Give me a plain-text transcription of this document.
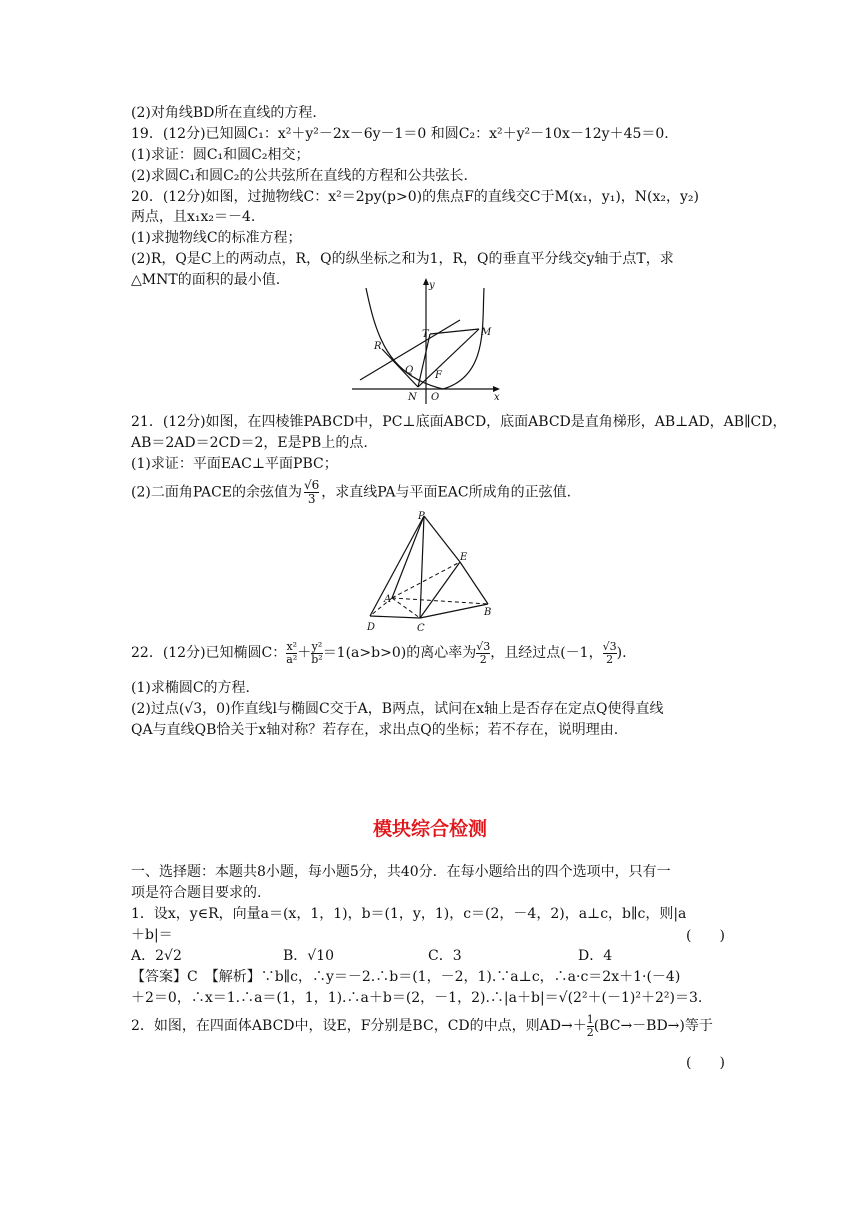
(2)对角线BD所在直线的方程.
19．(12分)已知圆C₁：x²＋y²－2x－6y－1＝0 和圆C₂：x²＋y²－10x－12y＋45＝0.
(1)求证：圆C₁和圆C₂相交；
(2)求圆C₁和圆C₂的公共弦所在直线的方程和公共弦长.
20．(12分)如图，过抛物线C：x²＝2py(p>0)的焦点F的直线交C于M(x₁，y₁)，N(x₂，y₂)
两点，且x₁x₂＝－4.
(1)求抛物线C的标准方程；
(2)R，Q是C上的两动点，R，Q的纵坐标之和为1，R，Q的垂直平分线交y轴于点T，求
△MNT的面积的最小值.	y
x
T	M
R
Q F
N O
21．(12分)如图，在四棱锥PABCD中，PC⊥底面ABCD，底面ABCD是直角梯形，AB⊥AD，AB∥CD，
AB＝2AD＝2CD＝2，E是PB上的点.
(1)求证：平面EAC⊥平面PBC；
(2)二面角PACE的余弦值为 $\frac{√6}{3}$ ，求直线PA与平面EAC所成角的正弦值.
P
E
A
B
D	C
22．(12分)已知椭圆C： $\frac{\text{x²}}{\text{a²}} + \frac{\text{y²}}{\text{b²}} =1(a>b>0)$的离心率为 $\frac{√3}{2}$ ，且经过点(－1， $\frac{√3}{2}$ ).
(1)求椭圆C的方程.
(2)过点(√3，0)作直线l与椭圆C交于A，B两点，试问在x轴上是否存在定点Q使得直线
QA与直线QB恰关于x轴对称？若存在，求出点Q的坐标；若不存在，说明理由.
模块综合检测
一、选择题：本题共8小题，每小题5分，共40分．在每小题给出的四个选项中，只有一
项是符合题目要求的.
1．设x，y∈R，向量a＝(x，1，1)，b＝(1，y，1)，c＝(2，－4，2)，a⊥c，b∥c，则|a
＋b|＝	(　　)
A．2√2	B．√10	C．3	D．4
【答案】C　【解析】∵b∥c，∴y＝－2.∴b＝(1，－2，1).∵a⊥c，∴a·c＝2x＋1·(－4)
＋2＝0，∴x＝1.∴a＝(1，1，1).∴a＋b＝(2，－1，2).∴|a＋b|＝√(2²＋(－1)²＋2²)＝3.
2．如图，在四面体ABCD中，设E，F分别是BC，CD的中点，则$AD\to+ \frac{1}{2} (BC\to-BD\to)$等于
(　　)
